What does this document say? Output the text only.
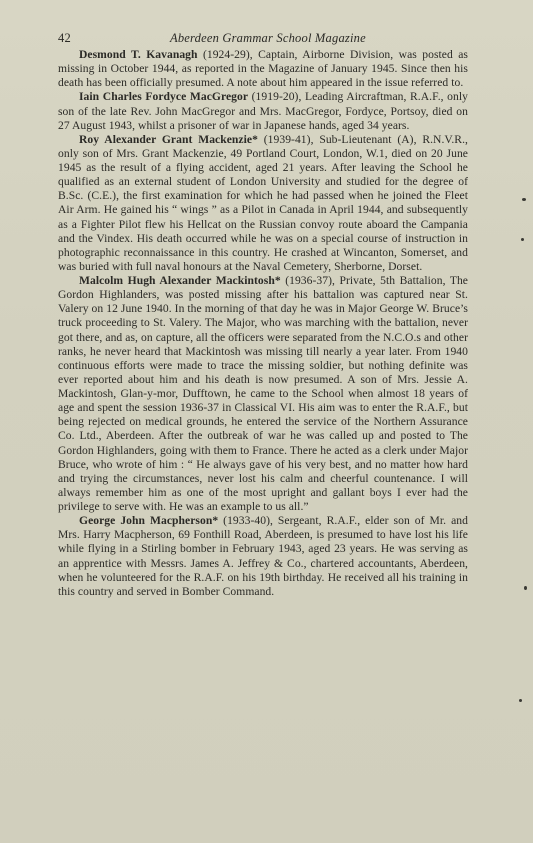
42	Aberdeen Grammar School Magazine

Desmond T. Kavanagh (1924-29), Captain, Airborne Division, was posted as missing in October 1944, as reported in the Magazine of January 1945. Since then his death has been officially presumed. A note about him appeared in the issue referred to.

Iain Charles Fordyce MacGregor (1919-20), Leading Aircraftman, R.A.F., only son of the late Rev. John MacGregor and Mrs. MacGregor, Fordyce, Portsoy, died on 27 August 1943, whilst a prisoner of war in Japanese hands, aged 34 years.

Roy Alexander Grant Mackenzie* (1939-41), Sub-Lieutenant (A), R.N.V.R., only son of Mrs. Grant Mackenzie, 49 Portland Court, London, W.1, died on 20 June 1945 as the result of a flying accident, aged 21 years. After leaving the School he qualified as an external student of London University and studied for the degree of B.Sc. (C.E.), the first examination for which he had passed when he joined the Fleet Air Arm. He gained his “ wings ” as a Pilot in Canada in April 1944, and subsequently as a Fighter Pilot flew his Hellcat on the Russian convoy route aboard the Campania and the Vindex. His death occurred while he was on a special course of instruction in photographic reconnaissance in this country. He crashed at Wincanton, Somerset, and was buried with full naval honours at the Naval Cemetery, Sherborne, Dorset.

Malcolm Hugh Alexander Mackintosh* (1936-37), Private, 5th Battalion, The Gordon Highlanders, was posted missing after his battalion was captured near St. Valery on 12 June 1940. In the morning of that day he was in Major George W. Bruce’s truck proceeding to St. Valery. The Major, who was marching with the battalion, never got there, and as, on capture, all the officers were separated from the N.C.O.s and other ranks, he never heard that Mackintosh was missing till nearly a year later. From 1940 continuous efforts were made to trace the missing soldier, but nothing definite was ever reported about him and his death is now presumed. A son of Mrs. Jessie A. Mackintosh, Glan-y-mor, Dufftown, he came to the School when almost 18 years of age and spent the session 1936-37 in Classical VI. His aim was to enter the R.A.F., but being rejected on medical grounds, he entered the service of the Northern Assurance Co. Ltd., Aberdeen. After the outbreak of war he was called up and posted to The Gordon Highlanders, going with them to France. There he acted as a clerk under Major Bruce, who wrote of him : “ He always gave of his very best, and no matter how hard and trying the circumstances, never lost his calm and cheerful countenance. I will always remember him as one of the most upright and gallant boys I ever had the privilege to serve with. He was an example to us all.”

George John Macpherson* (1933-40), Sergeant, R.A.F., elder son of Mr. and Mrs. Harry Macpherson, 69 Fonthill Road, Aberdeen, is presumed to have lost his life while flying in a Stirling bomber in February 1943, aged 23 years. He was serving as an apprentice with Messrs. James A. Jeffrey & Co., chartered accountants, Aberdeen, when he volunteered for the R.A.F. on his 19th birthday. He received all his training in this country and served in Bomber Command.
